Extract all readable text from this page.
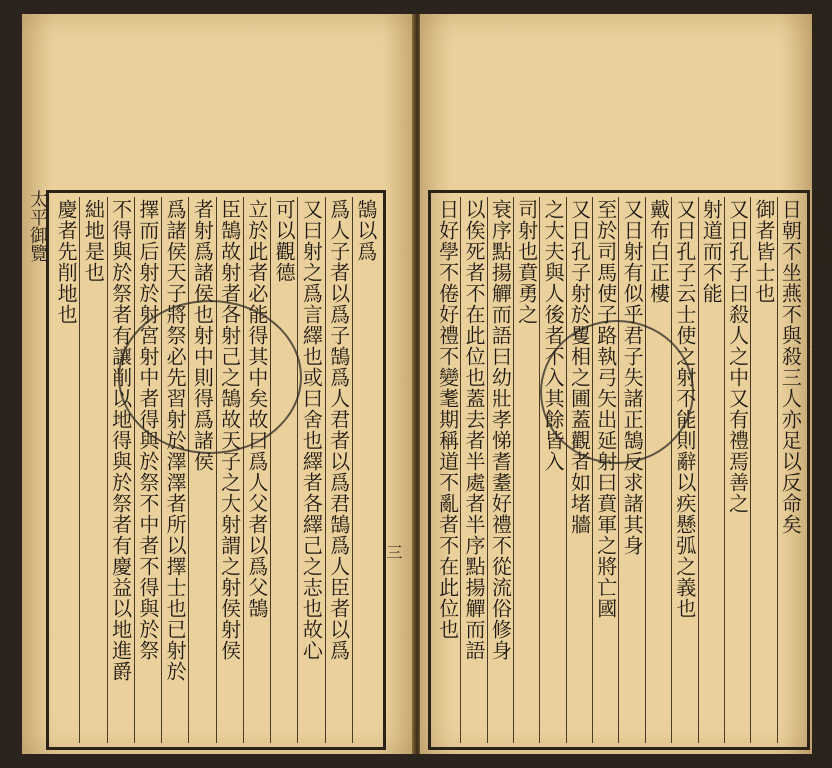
太平御覽
三
鵠以爲
爲人子者以爲子鵠爲人君者以爲君鵠爲人臣者以爲
又曰射之爲言繹也或曰舍也繹者各繹己之志也故心
可以觀德
立於此者必能得其中矣故曰爲人父者以爲父鵠
臣鵠故射者各射己之鵠故天子之大射謂之射侯射侯
者射爲諸侯也射中則得爲諸侯
爲諸侯天子將祭必先習射於澤澤者所以擇士也已射於
擇而后射於射宮射中者得與於祭不中者不得與於祭
不得與於祭者有讓削以地得與於祭者有慶益以地進爵
絀地是也
慶者先削地也	太平御覽
二
日朝不坐燕不與殺三人亦足以反命矣
御者皆士也
又日孔子曰殺人之中又有禮焉善之
射道而不能
又日孔子云士使之射不能則辭以疾懸弧之義也
戴布白正樓
又日射有似乎君子失諸正鵠反求諸其身
至於司馬使子路執弓矢出延射曰賁軍之將亡國
又日孔子射於矍相之圃蓋觀者如堵牆
之大夫與人後者不入其餘皆入
司射也賁勇之
衰序點揚觶而語曰幼壯孝悌耆耋好禮不從流俗修身
以俟死者不在此位也蓋去者半處者半序點揚觶而語
日好學不倦好禮不變耄期稱道不亂者不在此位也
